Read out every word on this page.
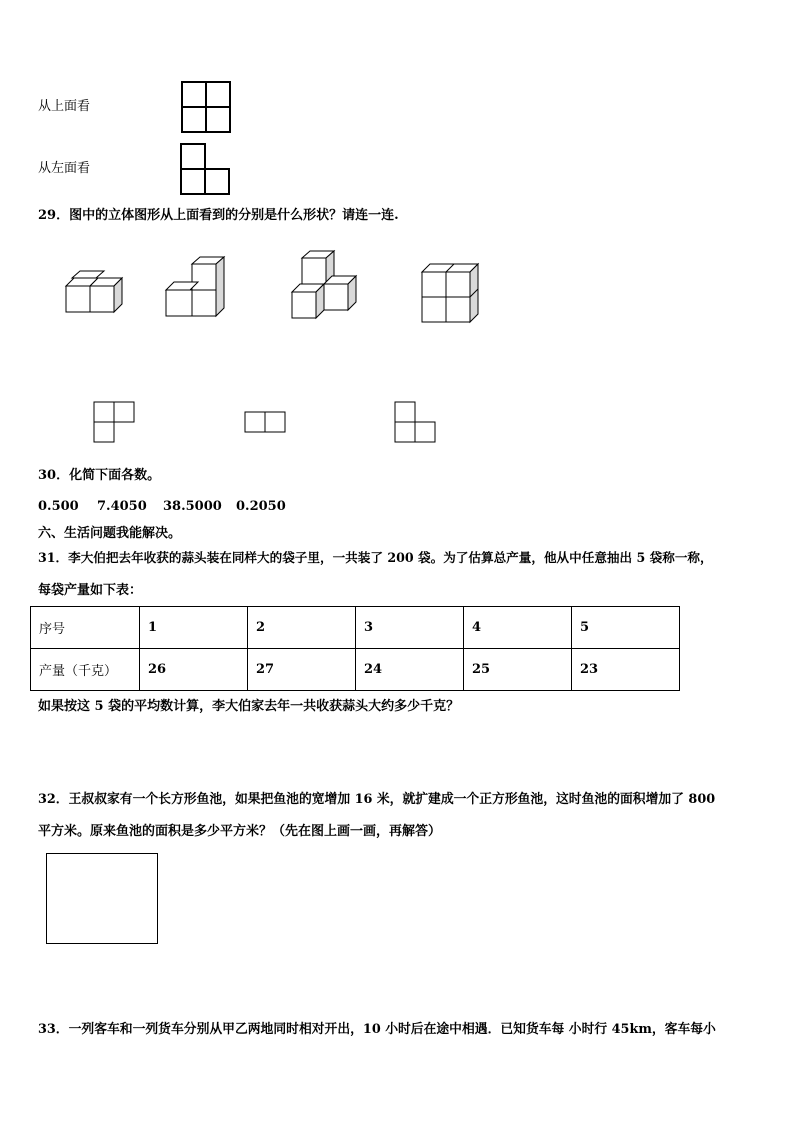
从上面看
从左面看
29．图中的立体图形从上面看到的分别是什么形状？请连一连.
30．化简下面各数。
0.500 7.4050 38.5000 0.2050
六、生活问题我能解决。
31．李大伯把去年收获的蒜头装在同样大的袋子里，一共装了 200 袋。为了估算总产量，他从中任意抽出 5 袋称一称，
每袋产量如下表：
序号	1	2	3	4	5
产量（千克）	26	27	24	25	23
如果按这 5 袋的平均数计算，李大伯家去年一共收获蒜头大约多少千克？
32．王叔叔家有一个长方形鱼池，如果把鱼池的宽增加 16 米，就扩建成一个正方形鱼池，这时鱼池的面积增加了 800
平方米。原来鱼池的面积是多少平方米？（先在图上画一画，再解答）
33．一列客车和一列货车分别从甲乙两地同时相对开出，10 小时后在途中相遇．已知货车每 小时行 45km，客车每小
